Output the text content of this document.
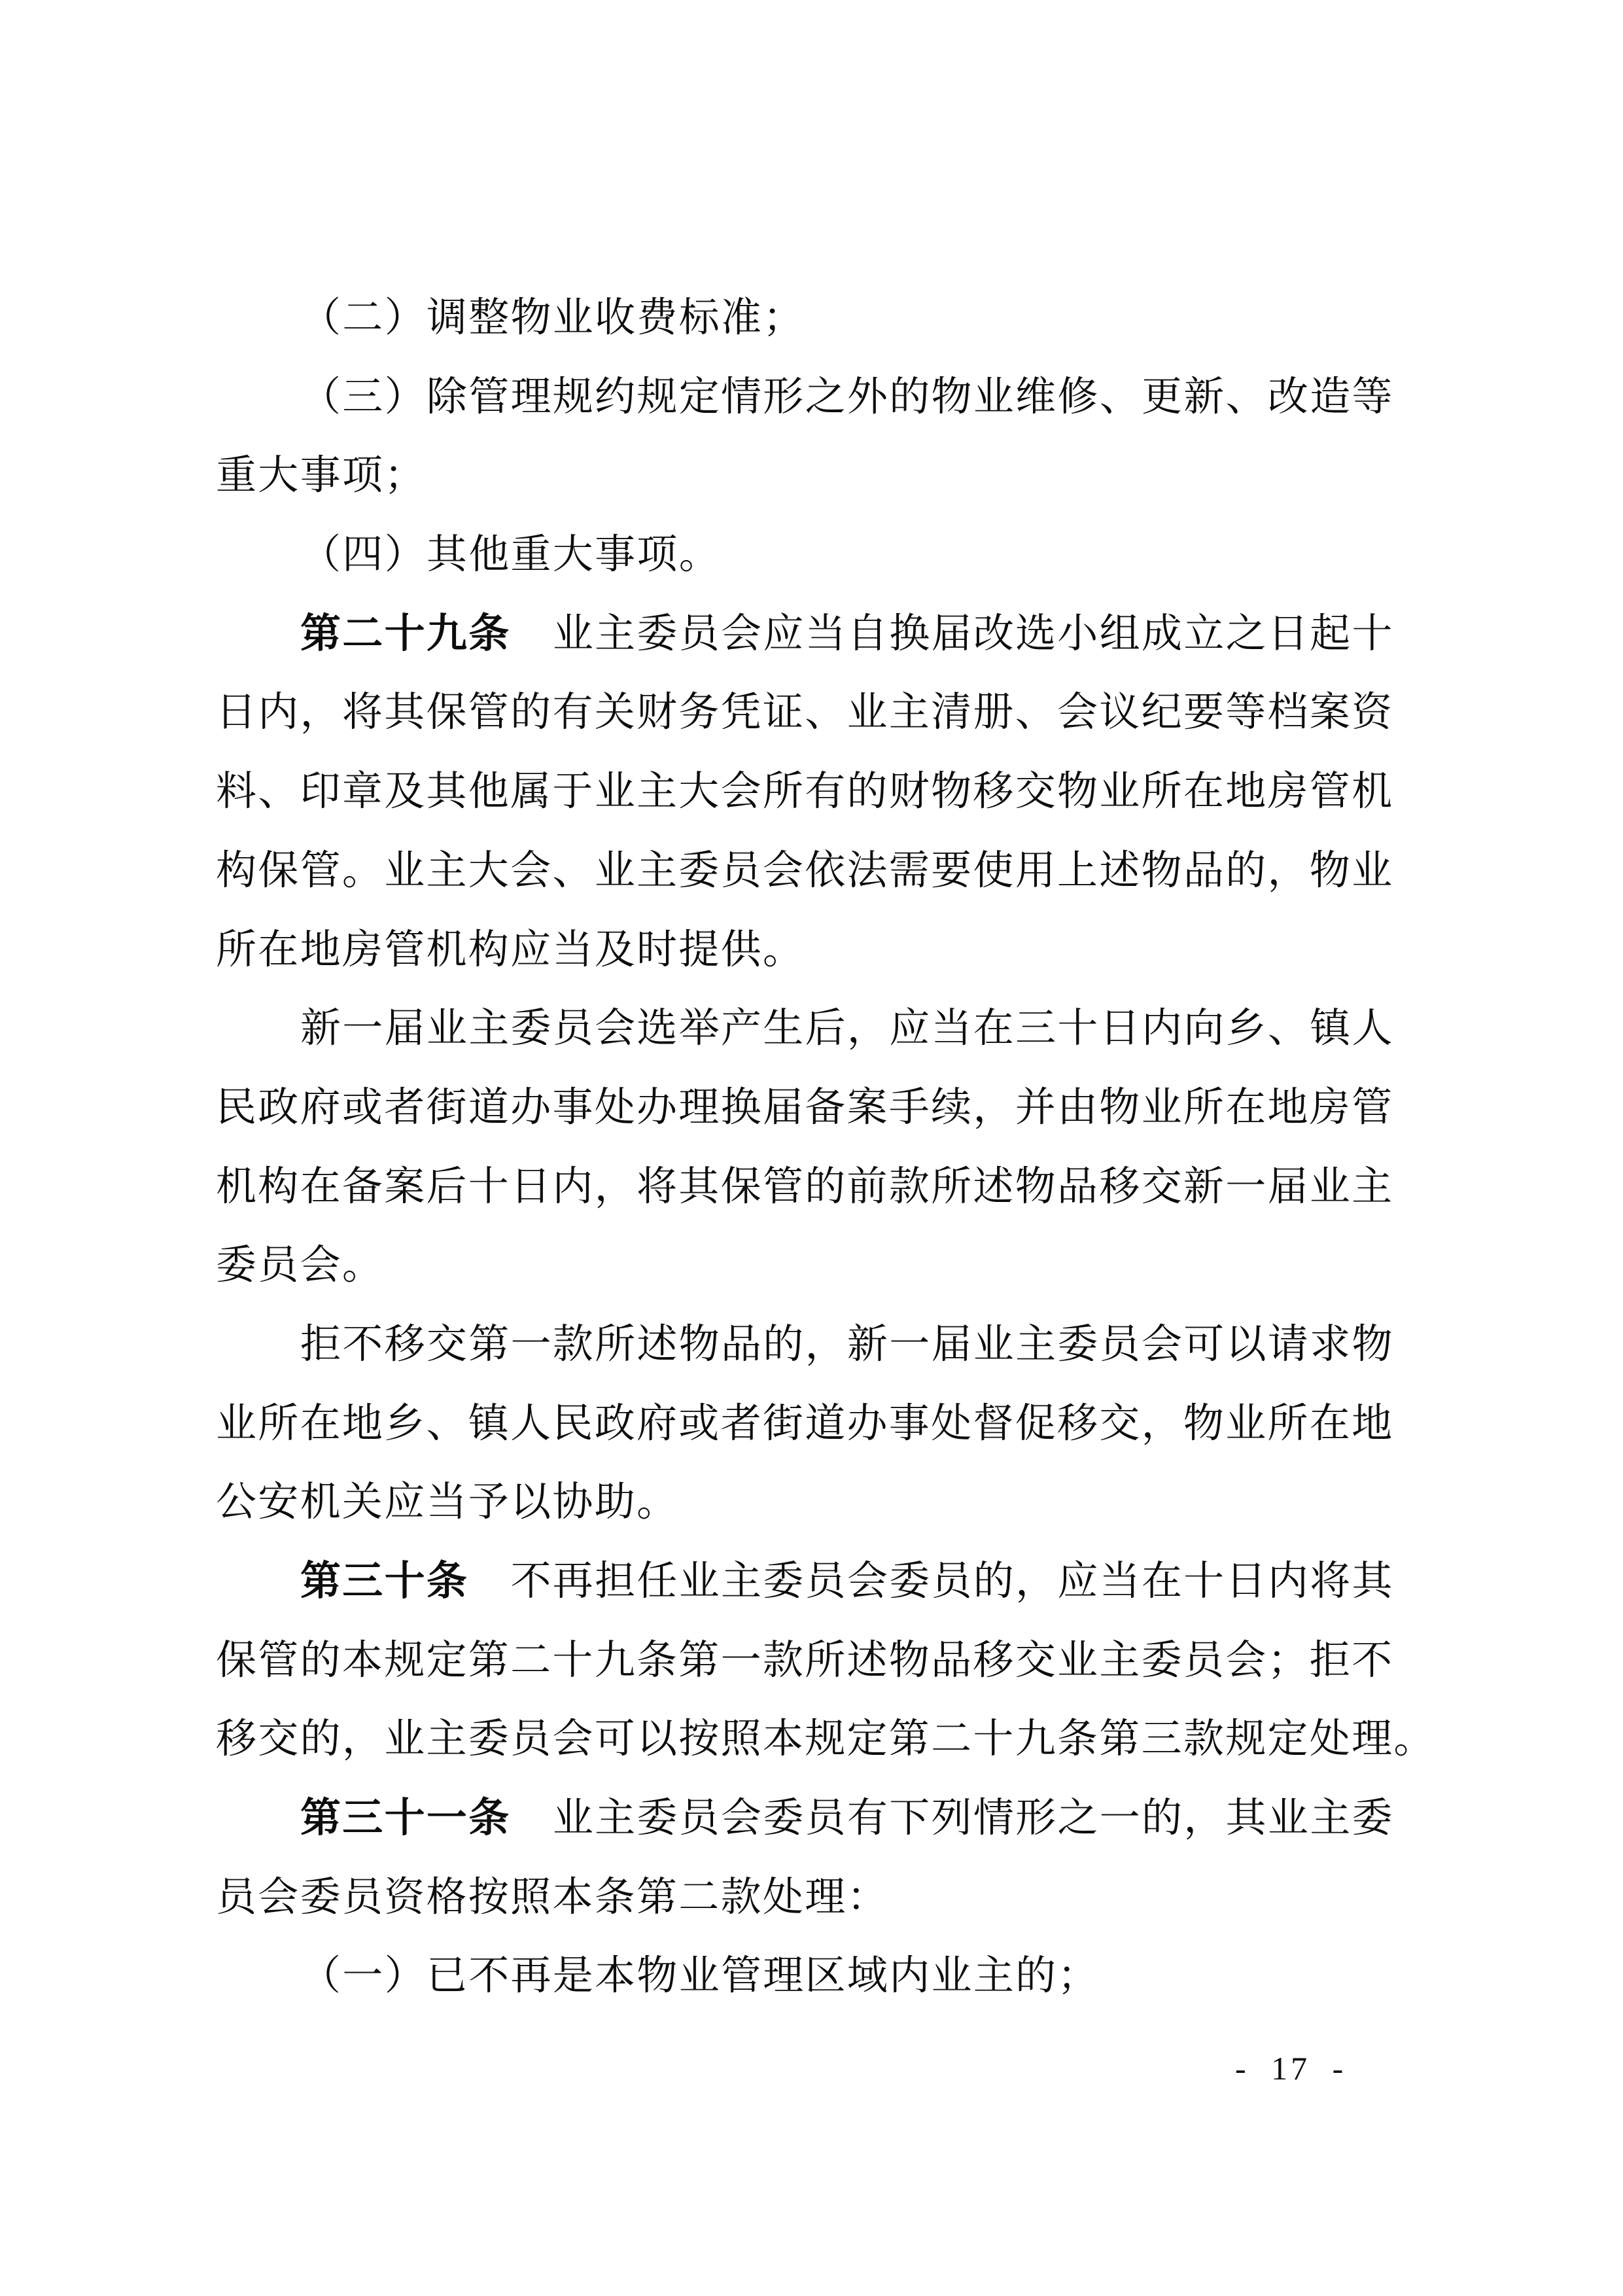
（二）调整物业收费标准；
（三）除管理规约规定情形之外的物业维修、更新、改造等
重大事项；
（四）其他重大事项。
第二十九条　业主委员会应当自换届改选小组成立之日起十
日内，将其保管的有关财务凭证、业主清册、会议纪要等档案资
料、印章及其他属于业主大会所有的财物移交物业所在地房管机
构保管。业主大会、业主委员会依法需要使用上述物品的，物业
所在地房管机构应当及时提供。
新一届业主委员会选举产生后，应当在三十日内向乡、镇人
民政府或者街道办事处办理换届备案手续，并由物业所在地房管
机构在备案后十日内，将其保管的前款所述物品移交新一届业主
委员会。
拒不移交第一款所述物品的，新一届业主委员会可以请求物
业所在地乡、镇人民政府或者街道办事处督促移交，物业所在地
公安机关应当予以协助。
第三十条　不再担任业主委员会委员的，应当在十日内将其
保管的本规定第二十九条第一款所述物品移交业主委员会；拒不
移交的，业主委员会可以按照本规定第二十九条第三款规定处理。
第三十一条　业主委员会委员有下列情形之一的，其业主委
员会委员资格按照本条第二款处理：
（一）已不再是本物业管理区域内业主的；
- 17 -
